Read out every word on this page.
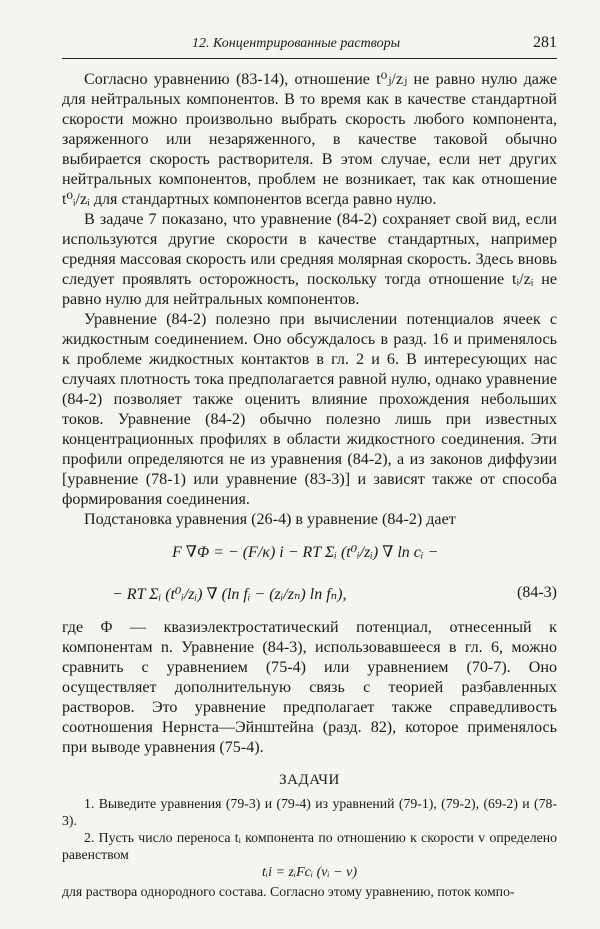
12. Концентрированные растворы	281

Согласно уравнению (83-14), отношение t⁰ⱼ/zⱼ не равно нулю даже для нейтральных компонентов. В то время как в качестве стандартной скорости можно произвольно выбрать скорость любого компонента, заряженного или незаряженного, в качестве таковой обычно выбирается скорость растворителя. В этом случае, если нет других нейтральных компонентов, проблем не возникает, так как отношение t⁰ᵢ/zᵢ для стандартных компонентов всегда равно нулю.

В задаче 7 показано, что уравнение (84-2) сохраняет свой вид, если используются другие скорости в качестве стандартных, например средняя массовая скорость или средняя молярная скорость. Здесь вновь следует проявлять осторожность, поскольку тогда отношение tᵢ/zᵢ не равно нулю для нейтральных компонентов.

Уравнение (84-2) полезно при вычислении потенциалов ячеек с жидкостным соединением. Оно обсуждалось в разд. 16 и применялось к проблеме жидкостных контактов в гл. 2 и 6. В интересующих нас случаях плотность тока предполагается равной нулю, однако уравнение (84-2) позволяет также оценить влияние прохождения небольших токов. Уравнение (84-2) обычно полезно лишь при известных концентрационных профилях в области жидкостного соединения. Эти профили определяются не из уравнения (84-2), а из законов диффузии [уравнение (78-1) или уравнение (83-3)] и зависят также от способа формирования соединения.

Подстановка уравнения (26-4) в уравнение (84-2) дает

F ∇Φ = − (F/κ) i − RT Σᵢ (t⁰ᵢ/zᵢ) ∇ ln cᵢ −
− RT Σᵢ (t⁰ᵢ/zᵢ) ∇ (ln fᵢ − (zᵢ/zₙ) ln fₙ),	(84-3)

где Φ — квазиэлектростатический потенциал, отнесенный к компонентам n. Уравнение (84-3), использовавшееся в гл. 6, можно сравнить с уравнением (75-4) или уравнением (70-7). Оно осуществляет дополнительную связь с теорией разбавленных растворов. Это уравнение предполагает также справедливость соотношения Нернста—Эйнштейна (разд. 82), которое применялось при выводе уравнения (75-4).

ЗАДАЧИ

1. Выведите уравнения (79-3) и (79-4) из уравнений (79-1), (79-2), (69-2) и (78-3).

2. Пусть число переноса tᵢ компонента по отношению к скорости v определено равенством

tᵢi = zᵢFcᵢ (vᵢ − v)

для раствора однородного состава. Согласно этому уравнению, поток компо-
